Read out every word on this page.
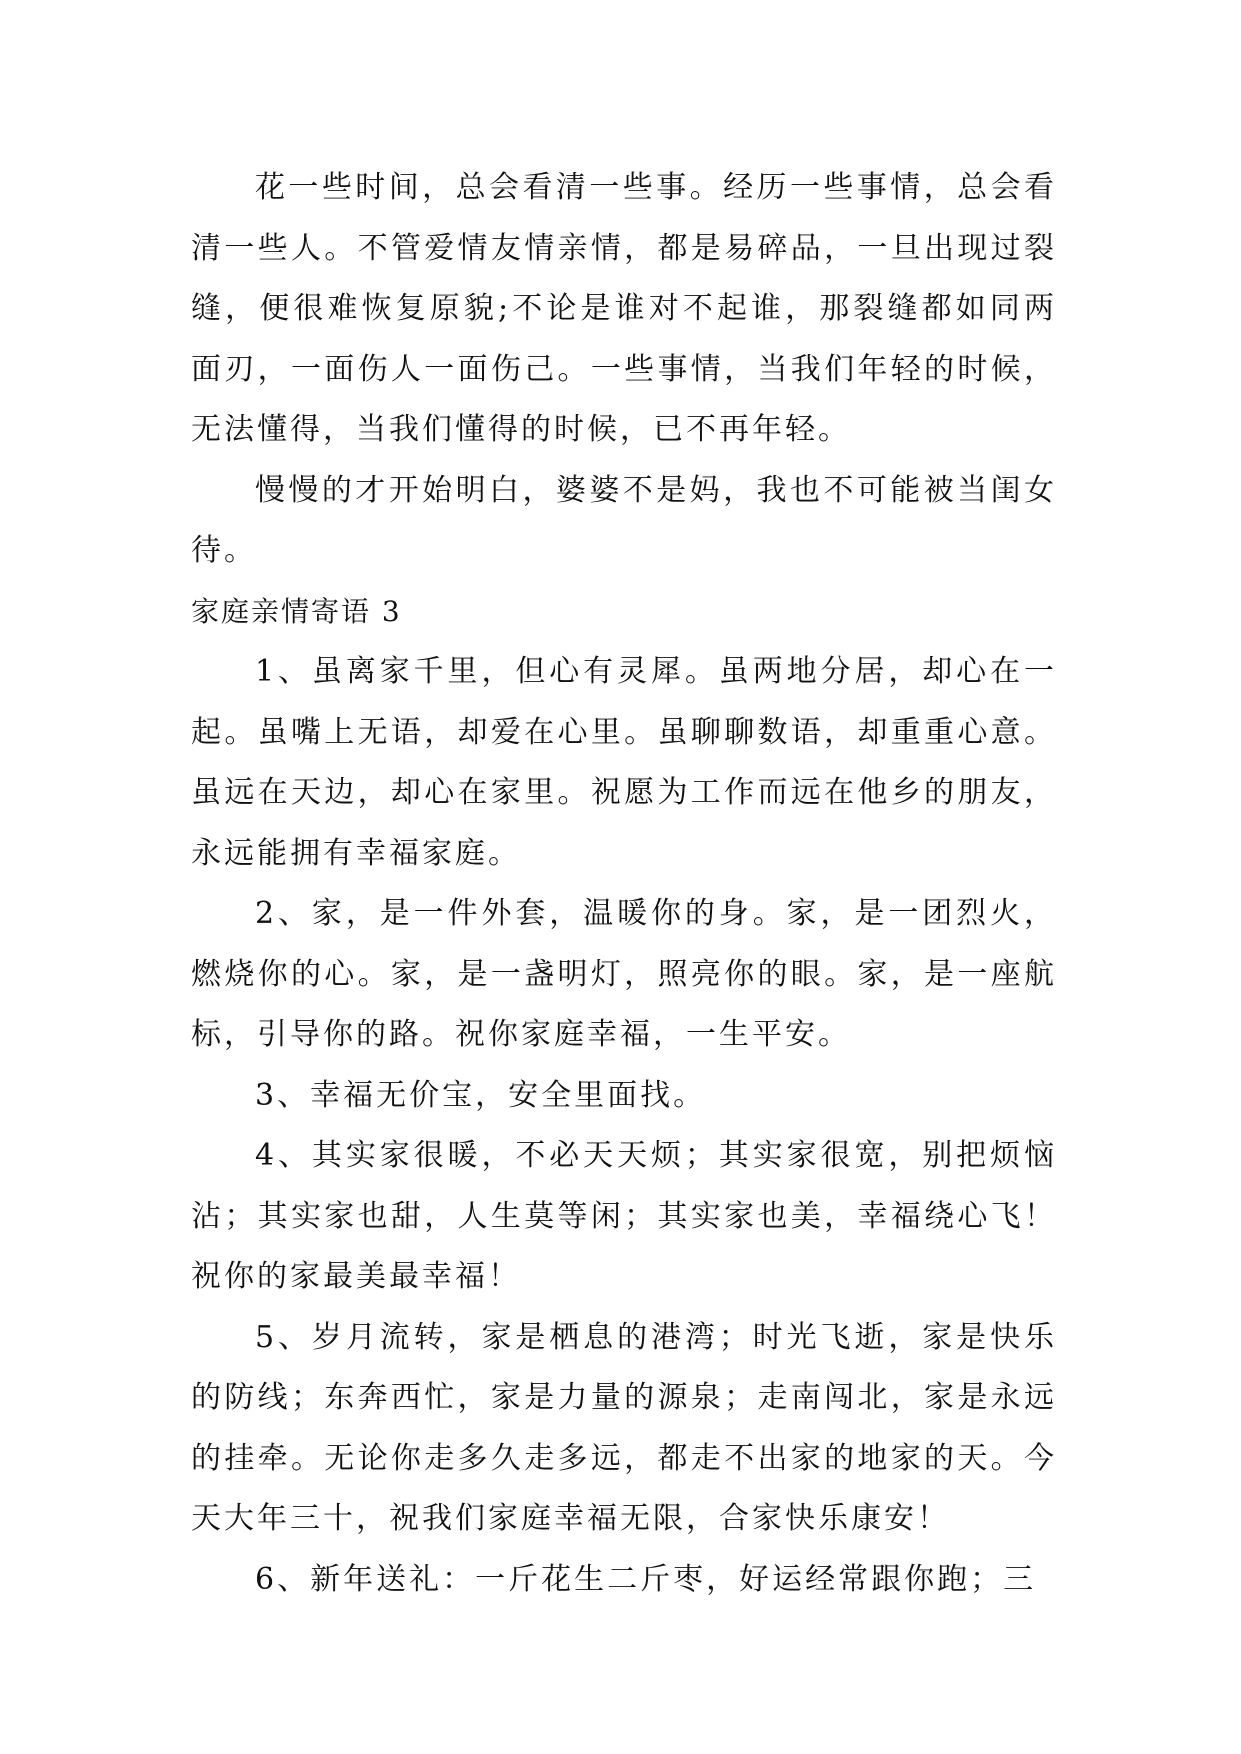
花一些时间，总会看清一些事。经历一些事情，总会看清一些人。不管爱情友情亲情，都是易碎品，一旦出现过裂缝，便很难恢复原貌;不论是谁对不起谁，那裂缝都如同两面刃，一面伤人一面伤己。一些事情，当我们年轻的时候，无法懂得，当我们懂得的时候，已不再年轻。

慢慢的才开始明白，婆婆不是妈，我也不可能被当闺女待。

家庭亲情寄语 3

1、虽离家千里，但心有灵犀。虽两地分居，却心在一起。虽嘴上无语，却爱在心里。虽聊聊数语，却重重心意。虽远在天边，却心在家里。祝愿为工作而远在他乡的朋友，永远能拥有幸福家庭。

2、家，是一件外套，温暖你的身。家，是一团烈火，燃烧你的心。家，是一盏明灯，照亮你的眼。家，是一座航标，引导你的路。祝你家庭幸福，一生平安。

3、幸福无价宝，安全里面找。

4、其实家很暖，不必天天烦；其实家很宽，别把烦恼沾；其实家也甜，人生莫等闲；其实家也美，幸福绕心飞！祝你的家最美最幸福！

5、岁月流转，家是栖息的港湾；时光飞逝，家是快乐的防线；东奔西忙，家是力量的源泉；走南闯北，家是永远的挂牵。无论你走多久走多远，都走不出家的地家的天。今天大年三十，祝我们家庭幸福无限，合家快乐康安！

6、新年送礼：一斤花生二斤枣，好运经常跟你跑；三
